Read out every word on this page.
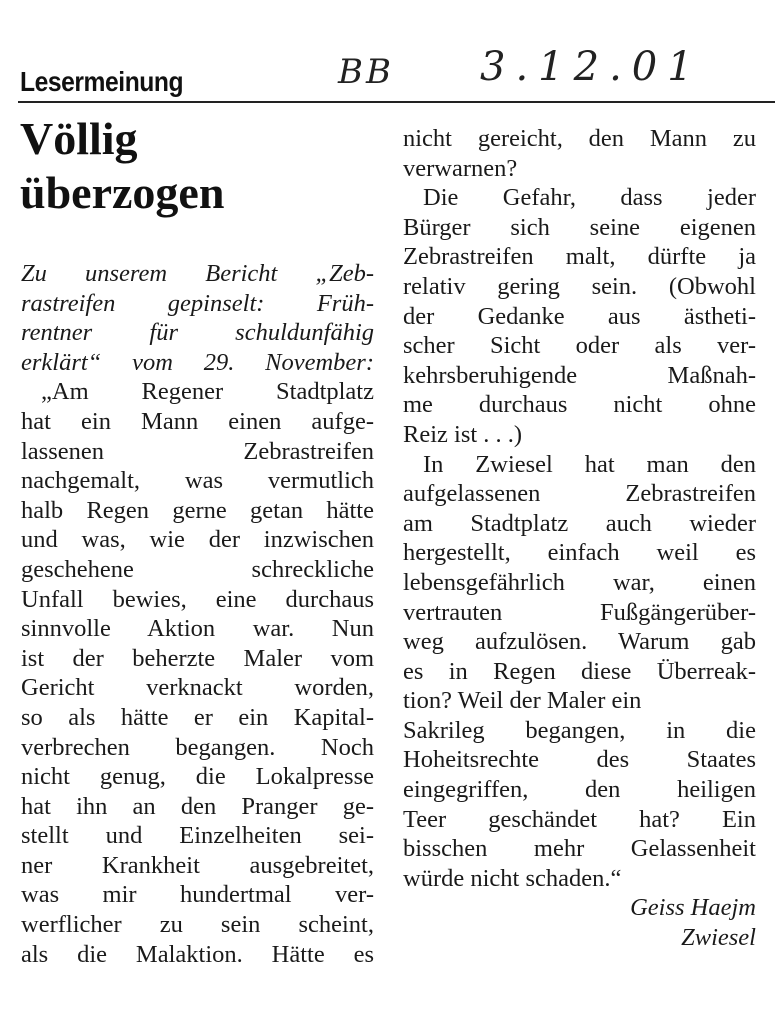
Lesermeinung	BB 3.12.01
Völlig
überzogen
Zu unserem Bericht „Zeb-
rastreifen gepinselt: Früh-
rentner für schuldunfähig
erklärt“ vom 29. November:
„Am Regener Stadtplatz
hat ein Mann einen aufge-
lassenen Zebrastreifen
nachgemalt, was vermutlich
halb Regen gerne getan hätte
und was, wie der inzwischen
geschehene schreckliche
Unfall bewies, eine durchaus
sinnvolle Aktion war. Nun
ist der beherzte Maler vom
Gericht verknackt worden,
so als hätte er ein Kapital-
verbrechen begangen. Noch
nicht genug, die Lokalpresse
hat ihn an den Pranger ge-
stellt und Einzelheiten sei-
ner Krankheit ausgebreitet,
was mir hundertmal ver-
werflicher zu sein scheint,
als die Malaktion. Hätte es
nicht gereicht, den Mann zu
verwarnen?
Die Gefahr, dass jeder
Bürger sich seine eigenen
Zebrastreifen malt, dürfte ja
relativ gering sein. (Obwohl
der Gedanke aus ästheti-
scher Sicht oder als ver-
kehrsberuhigende Maßnah-
me durchaus nicht ohne
Reiz ist . . .)
In Zwiesel hat man den
aufgelassenen Zebrastreifen
am Stadtplatz auch wieder
hergestellt, einfach weil es
lebensgefährlich war, einen
vertrauten Fußgängerüber-
weg aufzulösen. Warum gab
es in Regen diese Überreak-
tion? Weil der Maler ein
Sakrileg begangen, in die
Hoheitsrechte des Staates
eingegriffen, den heiligen
Teer geschändet hat? Ein
bisschen mehr Gelassenheit
würde nicht schaden.“
Geiss Haejm
Zwiesel
